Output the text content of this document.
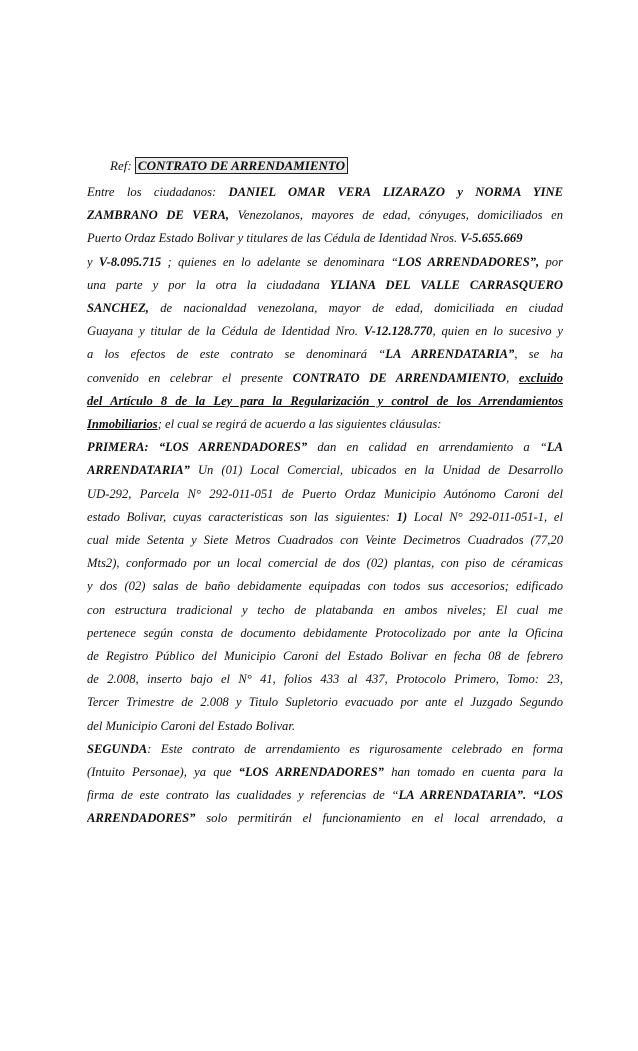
Ref: CONTRATO DE ARRENDAMIENTO
Entre los ciudadanos: DANIEL OMAR VERA LIZARAZO y NORMA YINE
ZAMBRANO DE VERA, Venezolanos, mayores de edad, cónyuges, domiciliados en
Puerto Ordaz Estado Bolivar y titulares de las Cédula de Identidad Nros. V-5.655.669
y V-8.095.715 ; quienes en lo adelante se denominara “LOS ARRENDADORES”, por
una parte y por la otra la ciudadana YLIANA DEL VALLE CARRASQUERO
SANCHEZ, de nacionaldad venezolana, mayor de edad, domiciliada en ciudad
Guayana y titular de la Cédula de Identidad Nro. V-12.128.770, quien en lo sucesivo y
a los efectos de este contrato se denominará “LA ARRENDATARIA”, se ha
convenido en celebrar el presente CONTRATO DE ARRENDAMIENTO, excluido
del Artículo 8 de la Ley para la Regularización y control de los Arrendamientos
Inmobiliarios; el cual se regirá de acuerdo a las siguientes cláusulas:
PRIMERA: “LOS ARRENDADORES” dan en calidad en arrendamiento a “LA
ARRENDATARIA” Un (01) Local Comercial, ubicados en la Unidad de Desarrollo
UD-292, Parcela N° 292-011-051 de Puerto Ordaz Municipio Autónomo Caroni del
estado Bolivar, cuyas caracteristicas son las siguientes: 1) Local N° 292-011-051-1, el
cual mide Setenta y Siete Metros Cuadrados con Veinte Decimetros Cuadrados (77,20
Mts2), conformado por un local comercial de dos (02) plantas, con piso de céramicas
y dos (02) salas de baño debidamente equipadas con todos sus accesorios; edificado
con estructura tradicional y techo de platabanda en ambos niveles; El cual me
pertenece según consta de documento debidamente Protocolizado por ante la Oficina
de Registro Público del Municipio Caroni del Estado Bolivar en fecha 08 de febrero
de 2.008, inserto bajo el N° 41, folios 433 al 437, Protocolo Primero, Tomo: 23,
Tercer Trimestre de 2.008 y Titulo Supletorio evacuado por ante el Juzgado Segundo
del Municipio Caroni del Estado Bolivar.
SEGUNDA: Este contrato de arrendamiento es rigurosamente celebrado en forma
(Intuito Personae), ya que “LOS ARRENDADORES” han tomado en cuenta para la
firma de este contrato las cualidades y referencias de “LA ARRENDATARIA”. “LOS
ARRENDADORES” solo permitirán el funcionamiento en el local arrendado, a
